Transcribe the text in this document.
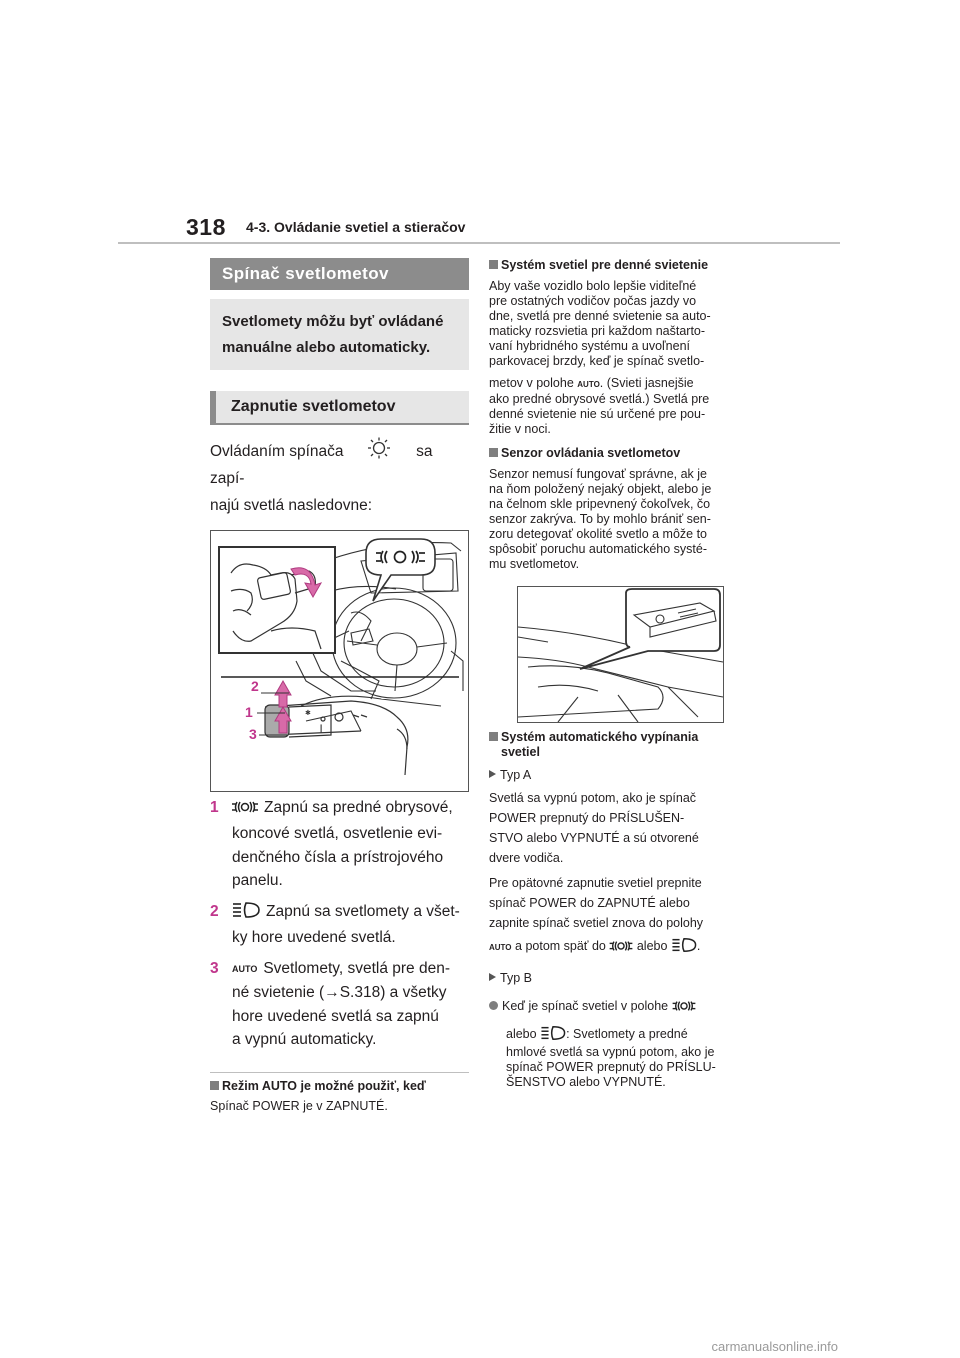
318 4-3. Ovládanie svetiel a stieračov
Spínač svetlometov
Svetlomety môžu byť ovládané manuálne alebo automaticky.
Zapnutie svetlometov
Ovládaním spínača	sa zapí-
najú svetlá nasledovne:
✱
┃
2
1
3
1	Zapnú sa predné obrysové,
koncové svetlá, osvetlenie evi-
denčného čísla a prístrojového
panelu.
2	Zapnú sa svetlomety a všet-
ky hore uvedené svetlá.
3 AUTO Svetlomety, svetlá pre den-
né svietenie (→S.318) a všetky
hore uvedené svetlá sa zapnú
a vypnú automaticky.
Režim AUTO je možné použiť, keď
Spínač POWER je v ZAPNUTÉ.
Systém svetiel pre denné svietenie
Aby vaše vozidlo bolo lepšie viditeľné
pre ostatných vodičov počas jazdy vo
dne, svetlá pre denné svietenie sa auto-
maticky rozsvietia pri každom naštarto-
vaní hybridného systému a uvoľnení
parkovacej brzdy, keď je spínač svetlo-
metov v polohe AUTO. (Svieti jasnejšie
ako predné obrysové svetlá.) Svetlá pre
denné svietenie nie sú určené pre pou-
žitie v noci.
Senzor ovládania svetlometov
Senzor nemusí fungovať správne, ak je
na ňom položený nejaký objekt, alebo je
na čelnom skle pripevnený čokoľvek, čo
senzor zakrýva. To by mohlo brániť sen-
zoru detegovať okolité svetlo a môže to
spôsobiť poruchu automatického systé-
mu svetlometov.
Systém automatického vypínania
svetiel
Typ A
Svetlá sa vypnú potom, ako je spínač
POWER prepnutý do PRÍSLUŠEN-
STVO alebo VYPNUTÉ a sú otvorené
dvere vodiča.
Pre opätovné zapnutie svetiel prepnite
spínač POWER do ZAPNUTÉ alebo
zapnite spínač svetiel znova do polohy
AUTO a potom späť do alebo .
Typ B
Keď je spínač svetiel v polohe
alebo : Svetlomety a predné
hmlové svetlá sa vypnú potom, ako je
spínač POWER prepnutý do PRÍSLU-
ŠENSTVO alebo VYPNUTÉ.
carmanualsonline.info
